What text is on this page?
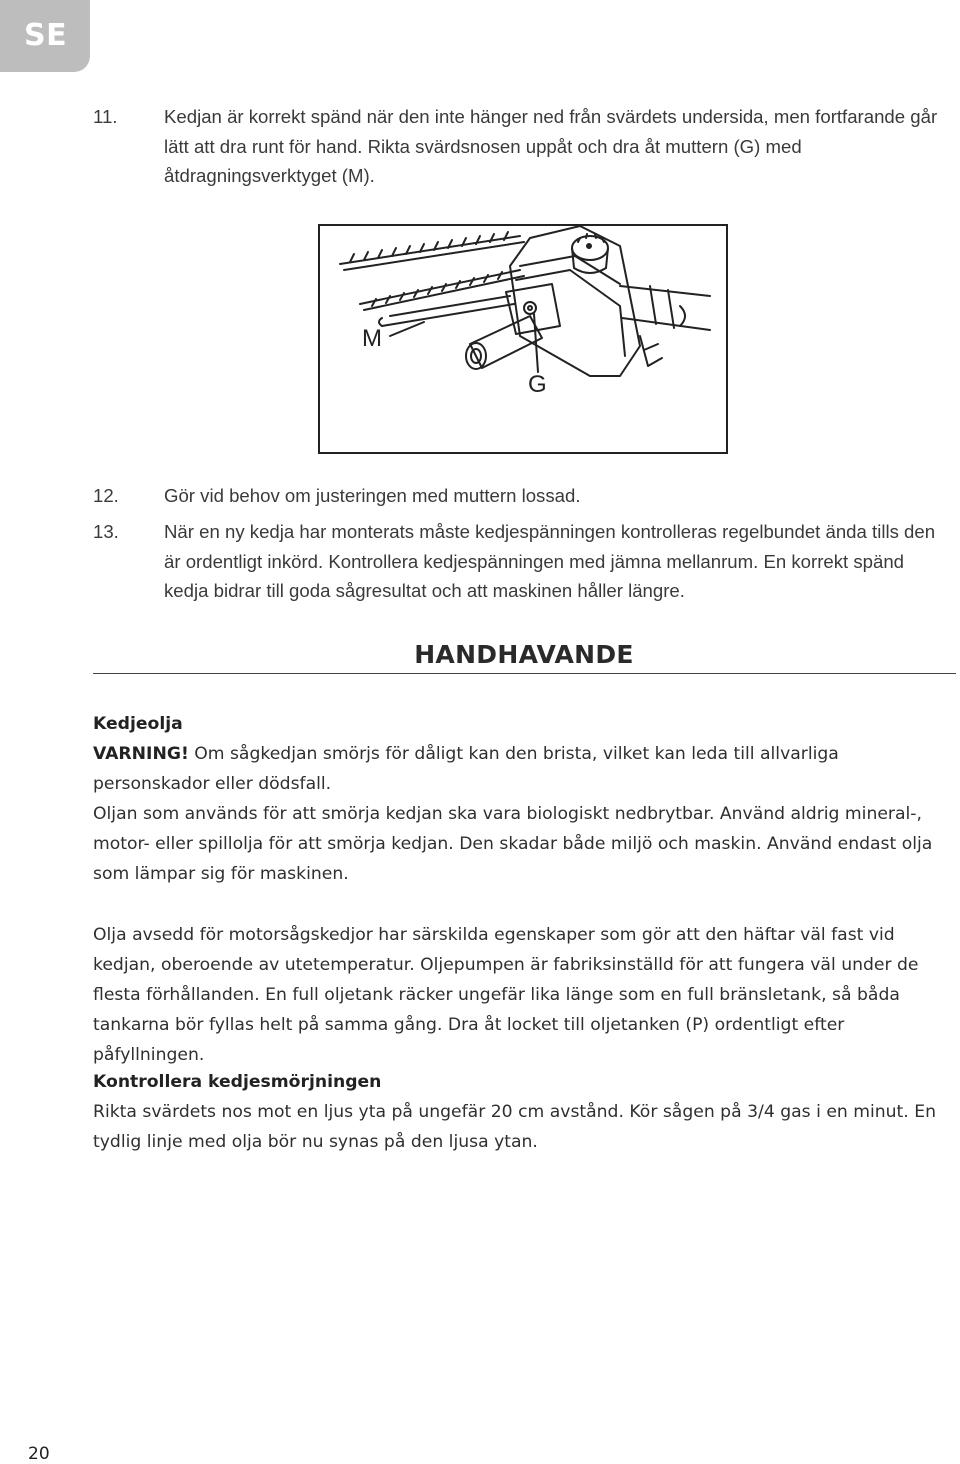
SE
11.	Kedjan är korrekt spänd när den inte hänger ned från svärdets undersida, men fortfarande går lätt att dra runt för hand. Rikta svärdsnosen uppåt och dra åt muttern (G) med åtdragningsverktyget (M).
M
G
12. Gör vid behov om justeringen med muttern lossad.
13. När en ny kedja har monterats måste kedjespänningen kontrolleras regelbundet ända tills den är ordentligt inkörd. Kontrollera kedjespänningen med jämna mellanrum. En korrekt spänd kedja bidrar till goda sågresultat och att maskinen håller längre.
HANDHAVANDE
Kedjeolja
VARNING! Om sågkedjan smörjs för dåligt kan den brista, vilket kan leda till allvarliga personskador eller dödsfall.
Oljan som används för att smörja kedjan ska vara biologiskt nedbrytbar. Använd aldrig mineral-, motor- eller spillolja för att smörja kedjan. Den skadar både miljö och maskin. Använd endast olja som lämpar sig för maskinen.
Olja avsedd för motorsågskedjor har särskilda egenskaper som gör att den häftar väl fast vid kedjan, oberoende av utetemperatur. Oljepumpen är fabriksinställd för att fungera väl under de flesta förhållanden. En full oljetank räcker ungefär lika länge som en full bränsletank, så båda tankarna bör fyllas helt på samma gång. Dra åt locket till oljetanken (P) ordentligt efter påfyllningen.
Kontrollera kedjesmörjningen
Rikta svärdets nos mot en ljus yta på ungefär 20 cm avstånd. Kör sågen på 3/4 gas i en minut. En tydlig linje med olja bör nu synas på den ljusa ytan.
20
